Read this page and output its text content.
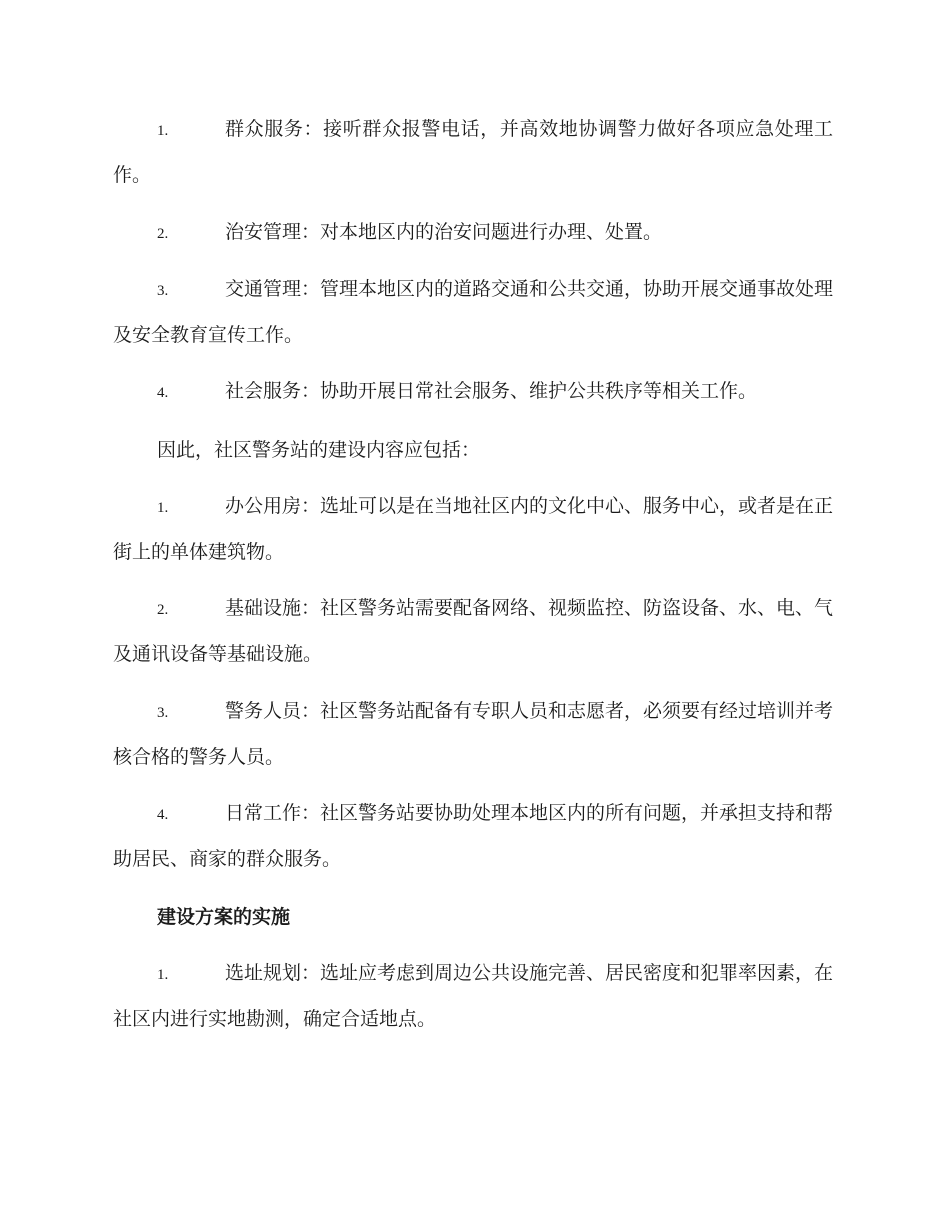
1.	群众服务：接听群众报警电话，并高效地协调警力做好各项应急处理工作。
2.	治安管理：对本地区内的治安问题进行办理、处置。
3.	交通管理：管理本地区内的道路交通和公共交通，协助开展交通事故处理及安全教育宣传工作。
4.	社会服务：协助开展日常社会服务、维护公共秩序等相关工作。
因此，社区警务站的建设内容应包括：
1.	办公用房：选址可以是在当地社区内的文化中心、服务中心，或者是在正街上的单体建筑物。
2.	基础设施：社区警务站需要配备网络、视频监控、防盗设备、水、电、气及通讯设备等基础设施。
3.	警务人员：社区警务站配备有专职人员和志愿者，必须要有经过培训并考核合格的警务人员。
4.	日常工作：社区警务站要协助处理本地区内的所有问题，并承担支持和帮助居民、商家的群众服务。
建设方案的实施
1.	选址规划：选址应考虑到周边公共设施完善、居民密度和犯罪率因素，在社区内进行实地勘测，确定合适地点。
